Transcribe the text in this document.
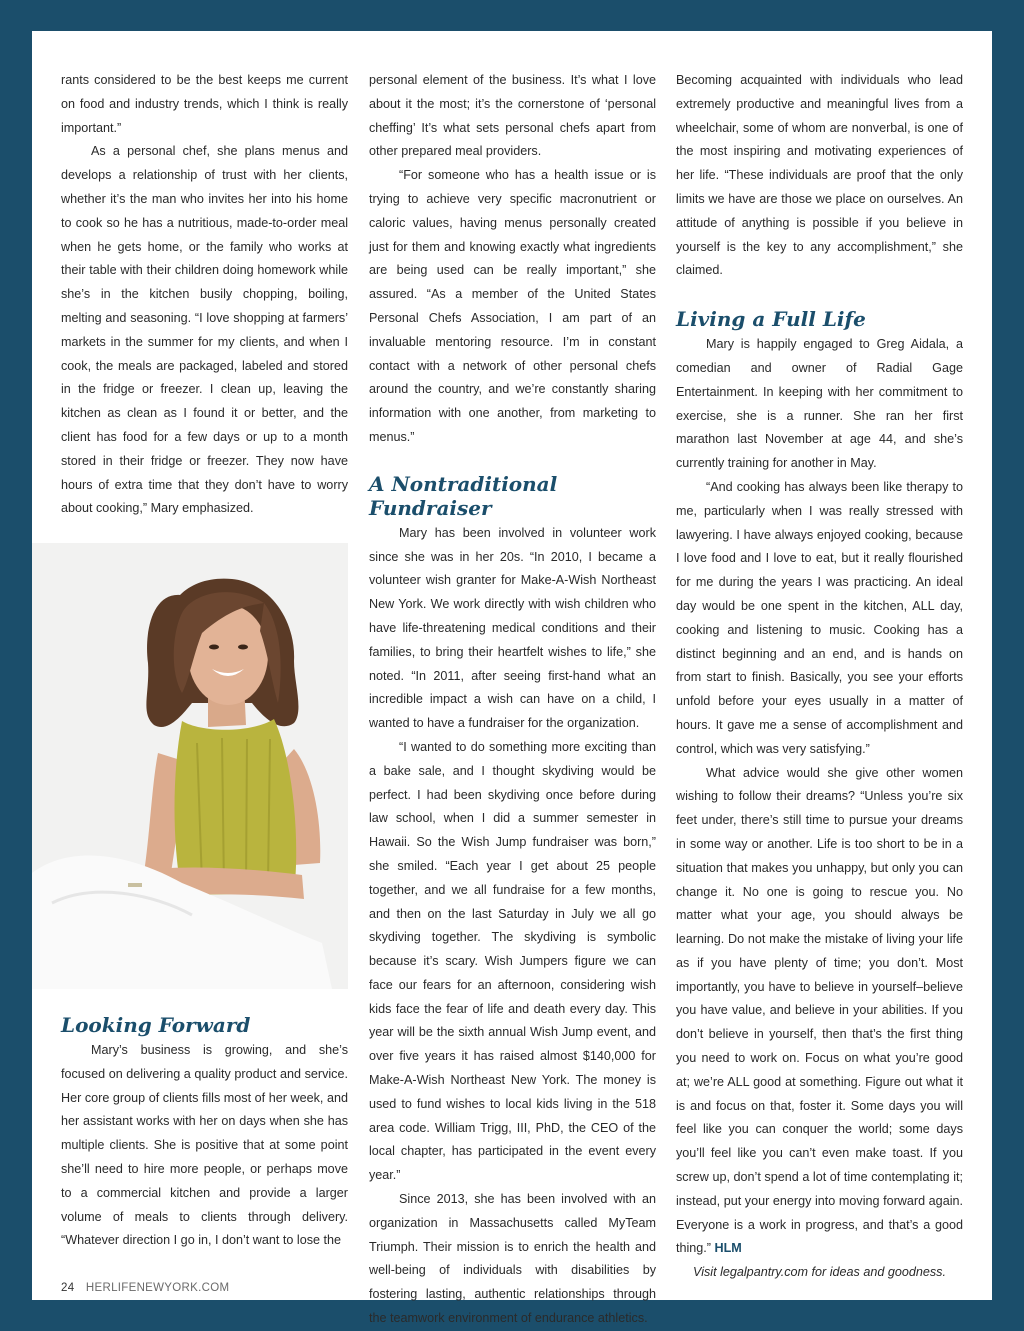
rants considered to be the best keeps me current on food and industry trends, which I think is really important.”

As a personal chef, she plans menus and develops a relationship of trust with her clients, whether it’s the man who invites her into his home to cook so he has a nutritious, made-to-order meal when he gets home, or the family who works at their table with their children doing homework while she’s in the kitchen busily chopping, boiling, melting and seasoning. “I love shopping at farmers’ markets in the summer for my clients, and when I cook, the meals are packaged, labeled and stored in the fridge or freezer. I clean up, leaving the kitchen as clean as I found it or better, and the client has food for a few days or up to a month stored in their fridge or freezer. They now have hours of extra time that they don’t have to worry about cooking,” Mary emphasized.

Looking Forward

Mary’s business is growing, and she’s focused on delivering a quality product and service. Her core group of clients fills most of her week, and her assistant works with her on days when she has multiple clients. She is positive that at some point she’ll need to hire more people, or perhaps move to a commercial kitchen and provide a larger volume of meals to clients through delivery. “Whatever direction I go in, I don’t want to lose the

personal element of the business. It’s what I love about it the most; it’s the cornerstone of ‘personal cheffing’ It’s what sets personal chefs apart from other prepared meal providers.

“For someone who has a health issue or is trying to achieve very specific macronutrient or caloric values, having menus personally created just for them and knowing exactly what ingredients are being used can be really important,” she assured. “As a member of the United States Personal Chefs Association, I am part of an invaluable mentoring resource. I’m in constant contact with a network of other personal chefs around the country, and we’re constantly sharing information with one another, from marketing to menus.”

A Nontraditional Fundraiser

Mary has been involved in volunteer work since she was in her 20s. “In 2010, I became a volunteer wish granter for Make-A-Wish Northeast New York. We work directly with wish children who have life-threatening medical conditions and their families, to bring their heartfelt wishes to life,” she noted. “In 2011, after seeing first-hand what an incredible impact a wish can have on a child, I wanted to have a fundraiser for the organization.

“I wanted to do something more exciting than a bake sale, and I thought skydiving would be perfect. I had been skydiving once before during law school, when I did a summer semester in Hawaii. So the Wish Jump fundraiser was born,” she smiled. “Each year I get about 25 people together, and we all fundraise for a few months, and then on the last Saturday in July we all go skydiving together. The skydiving is symbolic because it’s scary. Wish Jumpers figure we can face our fears for an afternoon, considering wish kids face the fear of life and death every day. This year will be the sixth annual Wish Jump event, and over five years it has raised almost $140,000 for Make-A-Wish Northeast New York. The money is used to fund wishes to local kids living in the 518 area code. William Trigg, III, PhD, the CEO of the local chapter, has participated in the event every year.”

Since 2013, she has been involved with an organization in Massachusetts called MyTeam Triumph. Their mission is to enrich the health and well-being of individuals with disabilities by fostering lasting, authentic relationships through the teamwork environment of endurance athletics.

Becoming acquainted with individuals who lead extremely productive and meaningful lives from a wheelchair, some of whom are nonverbal, is one of the most inspiring and motivating experiences of her life. “These individuals are proof that the only limits we have are those we place on ourselves. An attitude of anything is possible if you believe in yourself is the key to any accomplishment,” she claimed.

Living a Full Life

Mary is happily engaged to Greg Aidala, a comedian and owner of Radial Gage Entertainment. In keeping with her commitment to exercise, she is a runner. She ran her first marathon last November at age 44, and she’s currently training for another in May.

“And cooking has always been like therapy to me, particularly when I was really stressed with lawyering. I have always enjoyed cooking, because I love food and I love to eat, but it really flourished for me during the years I was practicing. An ideal day would be one spent in the kitchen, ALL day, cooking and listening to music. Cooking has a distinct beginning and an end, and is hands on from start to finish. Basically, you see your efforts unfold before your eyes usually in a matter of hours. It gave me a sense of accomplishment and control, which was very satisfying.”

What advice would she give other women wishing to follow their dreams? “Unless you’re six feet under, there’s still time to pursue your dreams in some way or another. Life is too short to be in a situation that makes you unhappy, but only you can change it. No one is going to rescue you. No matter what your age, you should always be learning. Do not make the mistake of living your life as if you have plenty of time; you don’t. Most importantly, you have to believe in yourself–believe you have value, and believe in your abilities. If you don’t believe in yourself, then that’s the first thing you need to work on. Focus on what you’re good at; we’re ALL good at something. Figure out what it is and focus on that, foster it. Some days you will feel like you can conquer the world; some days you’ll feel like you can’t even make toast. If you screw up, don’t spend a lot of time contemplating it; instead, put your energy into moving forward again. Everyone is a work in progress, and that’s a good thing.” HLM

Visit legalpantry.com for ideas and goodness.

24 HERLIFENEWYORK.COM
